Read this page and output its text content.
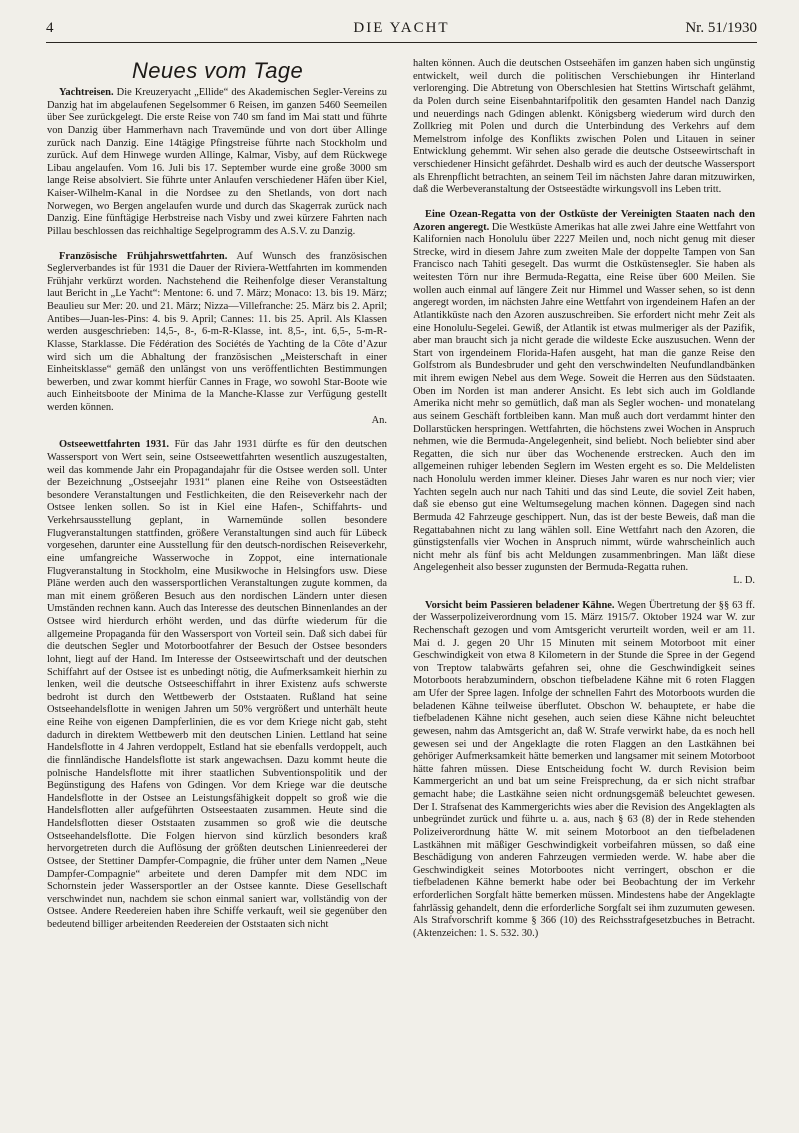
4	DIE YACHT	Nr. 51/1930
Neues vom Tage

Yachtreisen. Die Kreuzeryacht „Ellide“ des Akademischen Segler-Vereins zu Danzig hat im abgelaufenen Segelsommer 6 Reisen, im ganzen 5460 Seemeilen über See zurückgelegt. Die erste Reise von 740 sm fand im Mai statt und führte von Danzig über Hammerhavn nach Travemünde und von dort über Allinge zurück nach Danzig. Eine 14tägige Pfingstreise führte nach Stockholm und zurück. Auf dem Hinwege wurden Allinge, Kalmar, Visby, auf dem Rückwege Libau angelaufen. Vom 16. Juli bis 17. September wurde eine große 3000 sm lange Reise absolviert. Sie führte unter Anlaufen verschiedener Häfen über Kiel, Kaiser-Wilhelm-Kanal in die Nordsee zu den Shetlands, von dort nach Norwegen, wo Bergen angelaufen wurde und durch das Skagerrak zurück nach Danzig. Eine fünftägige Herbstreise nach Visby und zwei kürzere Fahrten nach Pillau beschlossen das reichhaltige Segelprogramm des A.S.V. zu Danzig.

Französische Frühjahrswettfahrten. Auf Wunsch des französischen Seglerverbandes ist für 1931 die Dauer der Riviera-Wettfahrten im kommenden Frühjahr verkürzt worden. Nachstehend die Reihenfolge dieser Veranstaltung laut Bericht in „Le Yacht“: Mentone: 6. und 7. März; Monaco: 13. bis 19. März; Beaulieu sur Mer: 20. und 21. März; Nizza—Villefranche: 25. März bis 2. April; Antibes—Juan-les-Pins: 4. bis 9. April; Cannes: 11. bis 25. April. Als Klassen werden ausgeschrieben: 14,5-, 8-, 6-m-R-Klasse, int. 8,5-, int. 6,5-, 5-m-R-Klasse, Starklasse. Die Fédération des Sociétés de Yachting de la Côte d’Azur wird sich um die Abhaltung der französischen „Meisterschaft in einer Einheitsklasse“ gemäß den unlängst von uns veröffentlichten Bestimmungen bewerben, und zwar kommt hierfür Cannes in Frage, wo sowohl Star-Boote wie auch Einheitsboote der Minima de la Manche-Klasse zur Verfügung gestellt werden können.
An.

Ostseewettfahrten 1931. Für das Jahr 1931 dürfte es für den deutschen Wassersport von Wert sein, seine Ostseewettfahrten wesentlich auszugestalten, weil das kommende Jahr ein Propagandajahr für die Ostsee werden soll. Unter der Bezeichnung „Ostseejahr 1931“ planen eine Reihe von Ostseestädten besondere Veranstaltungen und Festlichkeiten, die den Reiseverkehr nach der Ostsee lenken sollen. So ist in Kiel eine Hafen-, Schiffahrts- und Verkehrsausstellung geplant, in Warnemünde sollen besondere Flugveranstaltungen stattfinden, größere Veranstaltungen sind auch für Lübeck vorgesehen, darunter eine Ausstellung für den deutsch-nordischen Reiseverkehr, eine umfangreiche Wasserwoche in Zoppot, eine internationale Flugveranstaltung in Stockholm, eine Musikwoche in Helsingfors usw. Diese Pläne werden auch den wassersportlichen Veranstaltungen zugute kommen, da man mit einem größeren Besuch aus den nordischen Ländern unter diesen Umständen rechnen kann. Auch das Interesse des deutschen Binnenlandes an der Ostsee wird hierdurch erhöht werden, und das dürfte wiederum für die allgemeine Propaganda für den Wassersport von Vorteil sein. Daß sich dabei für die deutschen Segler und Motorbootfahrer der Besuch der Ostsee besonders lohnt, liegt auf der Hand. Im Interesse der Ostseewirtschaft und der deutschen Schiffahrt auf der Ostsee ist es unbedingt nötig, die Aufmerksamkeit hierhin zu lenken, weil die deutsche Ostseeschiffahrt in ihrer Existenz aufs schwerste bedroht ist durch den Wettbewerb der Oststaaten. Rußland hat seine Ostseehandelsflotte in wenigen Jahren um 50% vergrößert und unterhält heute eine Reihe von eigenen Dampferlinien, die es vor dem Kriege nicht gab, steht dadurch in direktem Wettbewerb mit den deutschen Linien. Lettland hat seine Handelsflotte in 4 Jahren verdoppelt, Estland hat sie ebenfalls verdoppelt, auch die finnländische Handelsflotte ist stark angewachsen. Dazu kommt heute die polnische Handelsflotte mit ihrer staatlichen Subventionspolitik und der Begünstigung des Hafens von Gdingen. Vor dem Kriege war die deutsche Handelsflotte in der Ostsee an Leistungsfähigkeit doppelt so groß wie die Handelsflotten aller aufgeführten Ostseestaaten zusammen. Heute sind die Handelsflotten dieser Oststaaten zusammen so groß wie die deutsche Ostseehandelsflotte. Die Folgen hiervon sind kürzlich besonders kraß hervorgetreten durch die Auflösung der größten deutschen Linienreederei der Ostsee, der Stettiner Dampfer-Compagnie, die früher unter dem Namen „Neue Dampfer-Compagnie“ arbeitete und deren Dampfer mit dem NDC im Schornstein jeder Wassersportler an der Ostsee kannte. Diese Gesellschaft verschwindet nun, nachdem sie schon einmal saniert war, vollständig von der Ostsee. Andere Reedereien haben ihre Schiffe verkauft, weil sie gegenüber den bedeutend billiger arbeitenden Reedereien der Oststaaten sich nicht

halten können. Auch die deutschen Ostseehäfen im ganzen haben sich ungünstig entwickelt, weil durch die politischen Verschiebungen ihr Hinterland verlorenging. Die Abtretung von Oberschlesien hat Stettins Wirtschaft gelähmt, da Polen durch seine Eisenbahntarifpolitik den gesamten Handel nach Danzig und neuerdings nach Gdingen ablenkt. Königsberg wiederum wird durch den Zollkrieg mit Polen und durch die Unterbindung des Verkehrs auf dem Memelstrom infolge des Konflikts zwischen Polen und Litauen in seiner Entwicklung gehemmt. Wir sehen also gerade die deutsche Ostseewirtschaft in verschiedener Hinsicht gefährdet. Deshalb wird es auch der deutsche Wassersport als Ehrenpflicht betrachten, an seinem Teil im nächsten Jahre daran mitzuwirken, daß die Werbeveranstaltung der Ostseestädte wirkungsvoll ins Leben tritt.

Eine Ozean-Regatta von der Ostküste der Vereinigten Staaten nach den Azoren angeregt. Die Westküste Amerikas hat alle zwei Jahre eine Wettfahrt von Kalifornien nach Honolulu über 2227 Meilen und, noch nicht genug mit dieser Strecke, wird in diesem Jahre zum zweiten Male der doppelte Tampen von San Francisco nach Tahiti gesegelt. Das wurmt die Ostküstensegler. Sie haben als weitesten Törn nur ihre Bermuda-Regatta, eine Reise über 600 Meilen. Sie wollen auch einmal auf längere Zeit nur Himmel und Wasser sehen, so ist denn angeregt worden, im nächsten Jahre eine Wettfahrt von irgendeinem Hafen an der Atlantikküste nach den Azoren auszuschreiben. Sie erfordert nicht mehr Zeit als eine Honolulu-Segelei. Gewiß, der Atlantik ist etwas mulmeriger als der Pazifik, aber man braucht sich ja nicht gerade die wildeste Ecke auszusuchen. Wenn der Start von irgendeinem Florida-Hafen ausgeht, hat man die ganze Reise den Golfstrom als Bundesbruder und geht den verschwindelten Neufundlandbänken mit ihrem ewigen Nebel aus dem Wege. Soweit die Herren aus den Südstaaten. Oben im Norden ist man anderer Ansicht. Es lebt sich auch im Goldlande Amerika nicht mehr so gemütlich, daß man als Segler wochen- und monatelang aus seinem Geschäft fortbleiben kann. Man muß auch dort verdammt hinter den Dollarstücken herspringen. Wettfahrten, die höchstens zwei Wochen in Anspruch nehmen, wie die Bermuda-Angelegenheit, sind beliebt. Noch beliebter sind aber Regatten, die sich nur über das Wochenende erstrecken. Auch den im allgemeinen ruhiger lebenden Seglern im Westen ergeht es so. Die Meldelisten nach Honolulu werden immer kleiner. Dieses Jahr waren es nur noch vier; vier Yachten segeln auch nur nach Tahiti und das sind Leute, die soviel Zeit haben, daß sie ebenso gut eine Weltumsegelung machen können. Dagegen sind nach Bermuda 42 Fahrzeuge geschippert. Nun, das ist der beste Beweis, daß man die Regattabahnen nicht zu lang wählen soll. Eine Wettfahrt nach den Azoren, die günstigstenfalls vier Wochen in Anspruch nimmt, würde wahrscheinlich auch nicht mehr als fünf bis acht Meldungen zusammenbringen. Man läßt diese Angelegenheit also besser zugunsten der Bermuda-Regatta ruhen.
L. D.

Vorsicht beim Passieren beladener Kähne. Wegen Übertretung der §§ 63 ff. der Wasserpolizeiverordnung vom 15. März 1915/7. Oktober 1924 war W. zur Rechenschaft gezogen und vom Amtsgericht verurteilt worden, weil er am 11. Mai d. J. gegen 20 Uhr 15 Minuten mit seinem Motorboot mit einer Geschwindigkeit von etwa 8 Kilometern in der Stunde die Spree in der Gegend von Treptow talabwärts gefahren sei, ohne die Geschwindigkeit seines Motorboots herabzumindern, obschon tiefbeladene Kähne mit 6 roten Flaggen am Ufer der Spree lagen. Infolge der schnellen Fahrt des Motorboots wurden die beladenen Kähne teilweise überflutet. Obschon W. behauptete, er habe die tiefbeladenen Kähne nicht gesehen, auch seien diese Kähne nicht beleuchtet gewesen, nahm das Amtsgericht an, daß W. Strafe verwirkt habe, da es noch hell gewesen sei und der Angeklagte die roten Flaggen an den Lastkähnen bei gehöriger Aufmerksamkeit hätte bemerken und langsamer mit seinem Motorboot hätte fahren müssen. Diese Entscheidung focht W. durch Revision beim Kammergericht an und bat um seine Freisprechung, da er sich nicht strafbar gemacht habe; die Lastkähne seien nicht ordnungsgemäß beleuchtet gewesen. Der I. Strafsenat des Kammergerichts wies aber die Revision des Angeklagten als unbegründet zurück und führte u. a. aus, nach § 63 (8) der in Rede stehenden Polizeiverordnung hätte W. mit seinem Motorboot an den tiefbeladenen Lastkähnen mit mäßiger Geschwindigkeit vorbeifahren müssen, so daß eine Beschädigung von anderen Fahrzeugen vermieden werde. W. habe aber die Geschwindigkeit seines Motorbootes nicht verringert, obschon er die tiefbeladenen Kähne bemerkt habe oder bei Beobachtung der im Verkehr erforderlichen Sorgfalt hätte bemerken müssen. Mindestens habe der Angeklagte fahrlässig gehandelt, denn die erforderliche Sorgfalt sei ihm zuzumuten gewesen. Als Strafvorschrift komme § 366 (10) des Reichsstrafgesetzbuches in Betracht. (Aktenzeichen: 1. S. 532. 30.)
